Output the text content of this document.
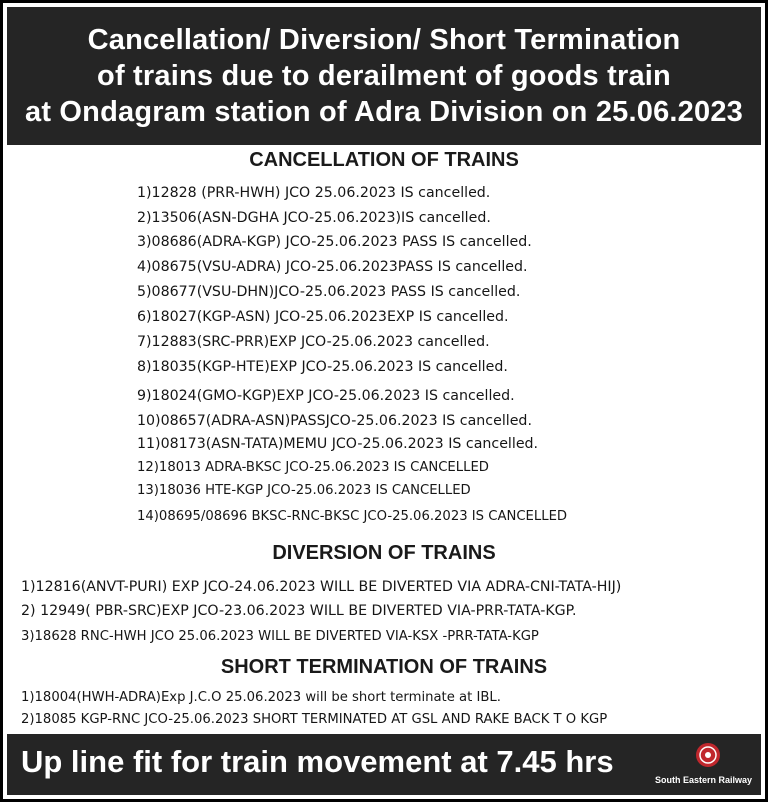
Cancellation/ Diversion/ Short Termination
of trains due to derailment of goods train
at Ondagram station of Adra Division on 25.06.2023
CANCELLATION OF TRAINS
1)12828 (PRR-HWH) JCO 25.06.2023 IS cancelled.
2)13506(ASN-DGHA JCO-25.06.2023)IS cancelled.
3)08686(ADRA-KGP) JCO-25.06.2023 PASS IS cancelled.
4)08675(VSU-ADRA) JCO-25.06.2023PASS IS cancelled.
5)08677(VSU-DHN)JCO-25.06.2023 PASS IS cancelled.
6)18027(KGP-ASN) JCO-25.06.2023EXP IS cancelled.
7)12883(SRC-PRR)EXP JCO-25.06.2023 cancelled.
8)18035(KGP-HTE)EXP JCO-25.06.2023 IS cancelled.
9)18024(GMO-KGP)EXP JCO-25.06.2023 IS cancelled.
10)08657(ADRA-ASN)PASSJCO-25.06.2023 IS cancelled.
11)08173(ASN-TATA)MEMU JCO-25.06.2023 IS cancelled.
12)18013 ADRA-BKSC JCO-25.06.2023 IS CANCELLED
13)18036 HTE-KGP JCO-25.06.2023 IS CANCELLED
14)08695/08696 BKSC-RNC-BKSC JCO-25.06.2023 IS CANCELLED
DIVERSION OF TRAINS
1)12816(ANVT-PURI) EXP JCO-24.06.2023 WILL BE DIVERTED VIA ADRA-CNI-TATA-HIJ)
2) 12949( PBR-SRC)EXP JCO-23.06.2023 WILL BE DIVERTED VIA-PRR-TATA-KGP.
3)18628 RNC-HWH JCO 25.06.2023 WILL BE DIVERTED VIA-KSX -PRR-TATA-KGP
SHORT TERMINATION OF TRAINS
1)18004(HWH-ADRA)Exp J.C.O 25.06.2023 will be short terminate at IBL.
2)18085 KGP-RNC JCO-25.06.2023 SHORT TERMINATED AT GSL AND RAKE BACK T O KGP
Up line fit for train movement at 7.45 hrs
South Eastern Railway
